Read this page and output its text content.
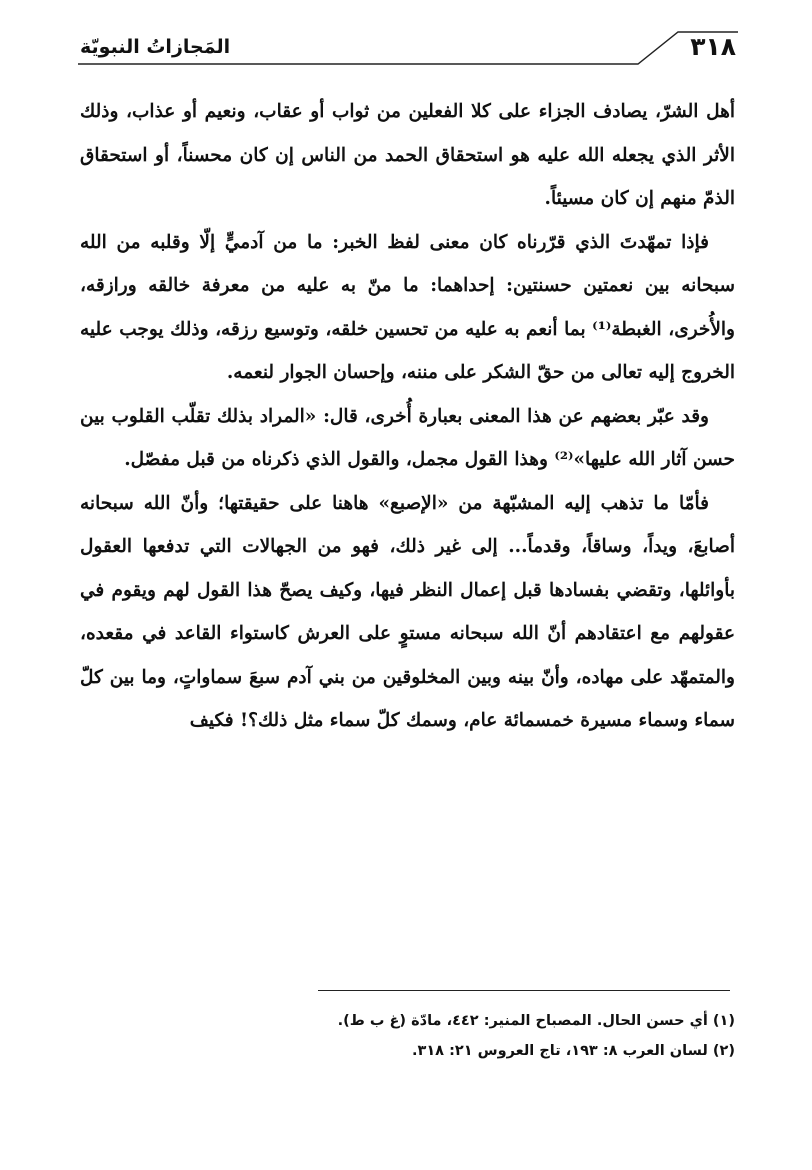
٣١٨
المَجازاتُ النبويّة

أهل الشرّ، يصادف الجزاء على كلا الفعلين من ثواب أو عقاب، ونعيم أو عذاب، وذلك الأثر الذي يجعله الله عليه هو استحقاق الحمد من الناس إن كان محسناً، أو استحقاق الذمّ منهم إن كان مسيئاً.

فإذا تمهّدتَ الذي قرّرناه كان معنى لفظ الخبر: ما من آدميٍّ إلّا وقلبه من الله سبحانه بين نعمتين حسنتين: إحداهما: ما منّ به عليه من معرفة خالقه ورازقه، والأُخرى، الغبطة⁽¹⁾ بما أنعم به عليه من تحسين خلقه، وتوسيع رزقه، وذلك يوجب عليه الخروج إليه تعالى من حقّ الشكر على مننه، وإحسان الجوار لنعمه.

وقد عبّر بعضهم عن هذا المعنى بعبارة أُخرى، قال: «المراد بذلك تقلّب القلوب بين حسن آثار الله عليها»⁽²⁾ وهذا القول مجمل، والقول الذي ذكرناه من قبل مفصّل.

فأمّا ما تذهب إليه المشبّهة من «الإصبع» هاهنا على حقيقتها؛ وأنّ الله سبحانه أصابعَ، ويداً، وساقاً، وقدماً... إلى غير ذلك، فهو من الجهالات التي تدفعها العقول بأوائلها، وتقضي بفسادها قبل إعمال النظر فيها، وكيف يصحّ هذا القول لهم ويقوم في عقولهم مع اعتقادهم أنّ الله سبحانه مستوٍ على العرش كاستواء القاعد في مقعده، والمتمهّد على مهاده، وأنّ بينه وبين المخلوقين من بني آدم سبعَ سماواتٍ، وما بين كلّ سماء وسماء مسيرة خمسمائة عام، وسمك كلّ سماء مثل ذلك؟! فكيف

(١) أي حسن الحال. المصباح المنير: ٤٤٢، مادّة (غ ب ط).

(٢) لسان العرب ٨: ١٩٣، تاج العروس ٢١: ٣١٨.
